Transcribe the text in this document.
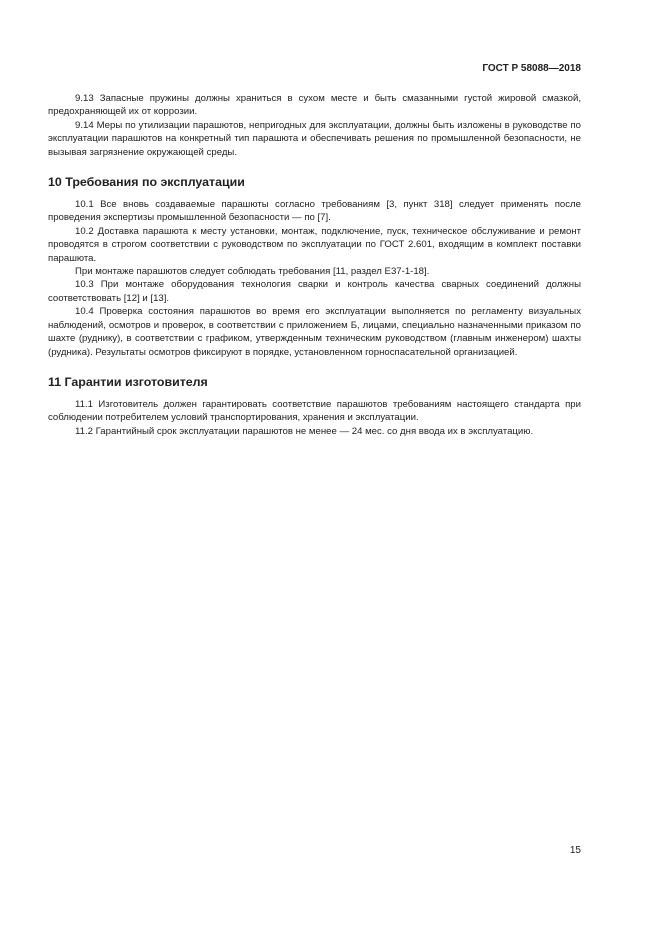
ГОСТ Р 58088—2018

9.13 Запасные пружины должны храниться в сухом месте и быть смазанными густой жировой смазкой, предохраняющей их от коррозии.

9.14 Меры по утилизации парашютов, непригодных для эксплуатации, должны быть изложены в руководстве по эксплуатации парашютов на конкретный тип парашюта и обеспечивать решения по промышленной безопасности, не вызывая загрязнение окружающей среды.

10 Требования по эксплуатации

10.1 Все вновь создаваемые парашюты согласно требованиям [3, пункт 318] следует применять после проведения экспертизы промышленной безопасности — по [7].

10.2 Доставка парашюта к месту установки, монтаж, подключение, пуск, техническое обслуживание и ремонт проводятся в строгом соответствии с руководством по эксплуатации по ГОСТ 2.601, входящим в комплект поставки парашюта.

При монтаже парашютов следует соблюдать требования [11, раздел Е37-1-18].

10.3 При монтаже оборудования технология сварки и контроль качества сварных соединений должны соответствовать [12] и [13].

10.4 Проверка состояния парашютов во время его эксплуатации выполняется по регламенту визуальных наблюдений, осмотров и проверок, в соответствии с приложением Б, лицами, специально назначенными приказом по шахте (руднику), в соответствии с графиком, утвержденным техническим руководством (главным инженером) шахты (рудника). Результаты осмотров фиксируют в порядке, установленном горноспасательной организацией.

11 Гарантии изготовителя

11.1 Изготовитель должен гарантировать соответствие парашютов требованиям настоящего стандарта при соблюдении потребителем условий транспортирования, хранения и эксплуатации.

11.2 Гарантийный срок эксплуатации парашютов не менее — 24 мес. со дня ввода их в эксплуатацию.

15
